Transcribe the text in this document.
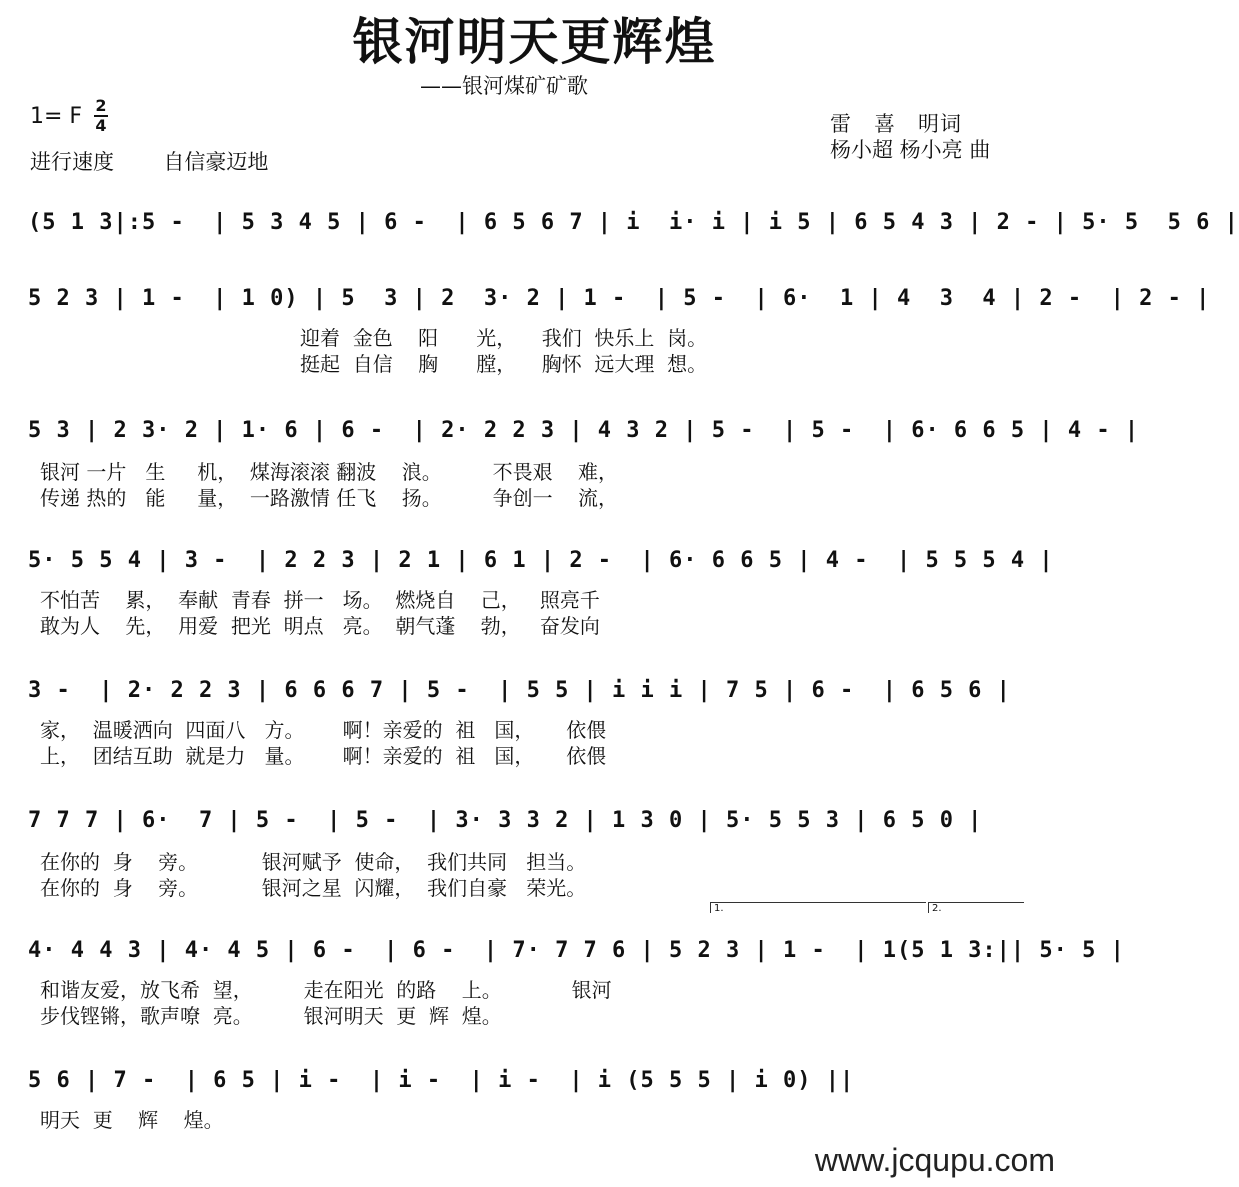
银河明天更辉煌
——银河煤矿矿歌
1= F 2
4
进行速度 自信豪迈地
雷　喜　明词
杨小超 杨小亮 曲
(5 1 3|:5 -  | 5 3 4 5 | 6 -  | 6 5 6 7 | i  i· i | i 5 | 6 5 4 3 | 2 - | 5· 5  5 6 |
5 2 3 | 1 -  | 1 0) | 5  3 | 2  3· 2 | 1 -  | 5 -  | 6·  1 | 4  3  4 | 2 -  | 2 - |
迎着  金色    阳      光，    我们  快乐上  岗。
挺起  自信    胸      膛，    胸怀  远大理  想。
5 3 | 2 3· 2 | 1· 6 | 6 -  | 2· 2 2 3 | 4 3 2 | 5 -  | 5 -  | 6· 6 6 5 | 4 - |
银河 一片   生     机，  煤海滚滚 翻波    浪。        不畏艰    难，
传递 热的   能     量，  一路激情 任飞    扬。        争创一    流，
5· 5 5 4 | 3 -  | 2 2 3 | 2 1 | 6 1 | 2 -  | 6· 6 6 5 | 4 -  | 5 5 5 4 |
不怕苦    累，  奉献  青春  拼一   场。  燃烧自    己，   照亮千
敢为人    先，  用爱  把光  明点   亮。  朝气蓬    勃，   奋发向
3 -  | 2· 2 2 3 | 6 6 6 7 | 5 -  | 5 5 | i i i | 7 5 | 6 -  | 6 5 6 |
家，  温暖洒向  四面八   方。      啊！亲爱的  祖   国，     依偎
上，  团结互助  就是力   量。      啊！亲爱的  祖   国，     依偎
7 7 7 | 6·  7 | 5 -  | 5 -  | 3· 3 3 2 | 1 3 0 | 5· 5 5 3 | 6 5 0 |
在你的  身    旁。          银河赋予  使命，  我们共同   担当。
在你的  身    旁。          银河之星  闪耀，  我们自豪   荣光。
1.	2.
4· 4 4 3 | 4· 4 5 | 6 -  | 6 -  | 7· 7 7 6 | 5 2 3 | 1 -  | 1(5 1 3:|| 5· 5 |
和谐友爱，放飞希  望，        走在阳光  的路    上。           银河
步伐铿锵，歌声嘹  亮。        银河明天  更  辉  煌。
5 6 | 7 -  | 6 5 | i -  | i -  | i -  | i (5 5 5 | i 0) ||
明天  更    辉    煌。
www.jcqupu.com
